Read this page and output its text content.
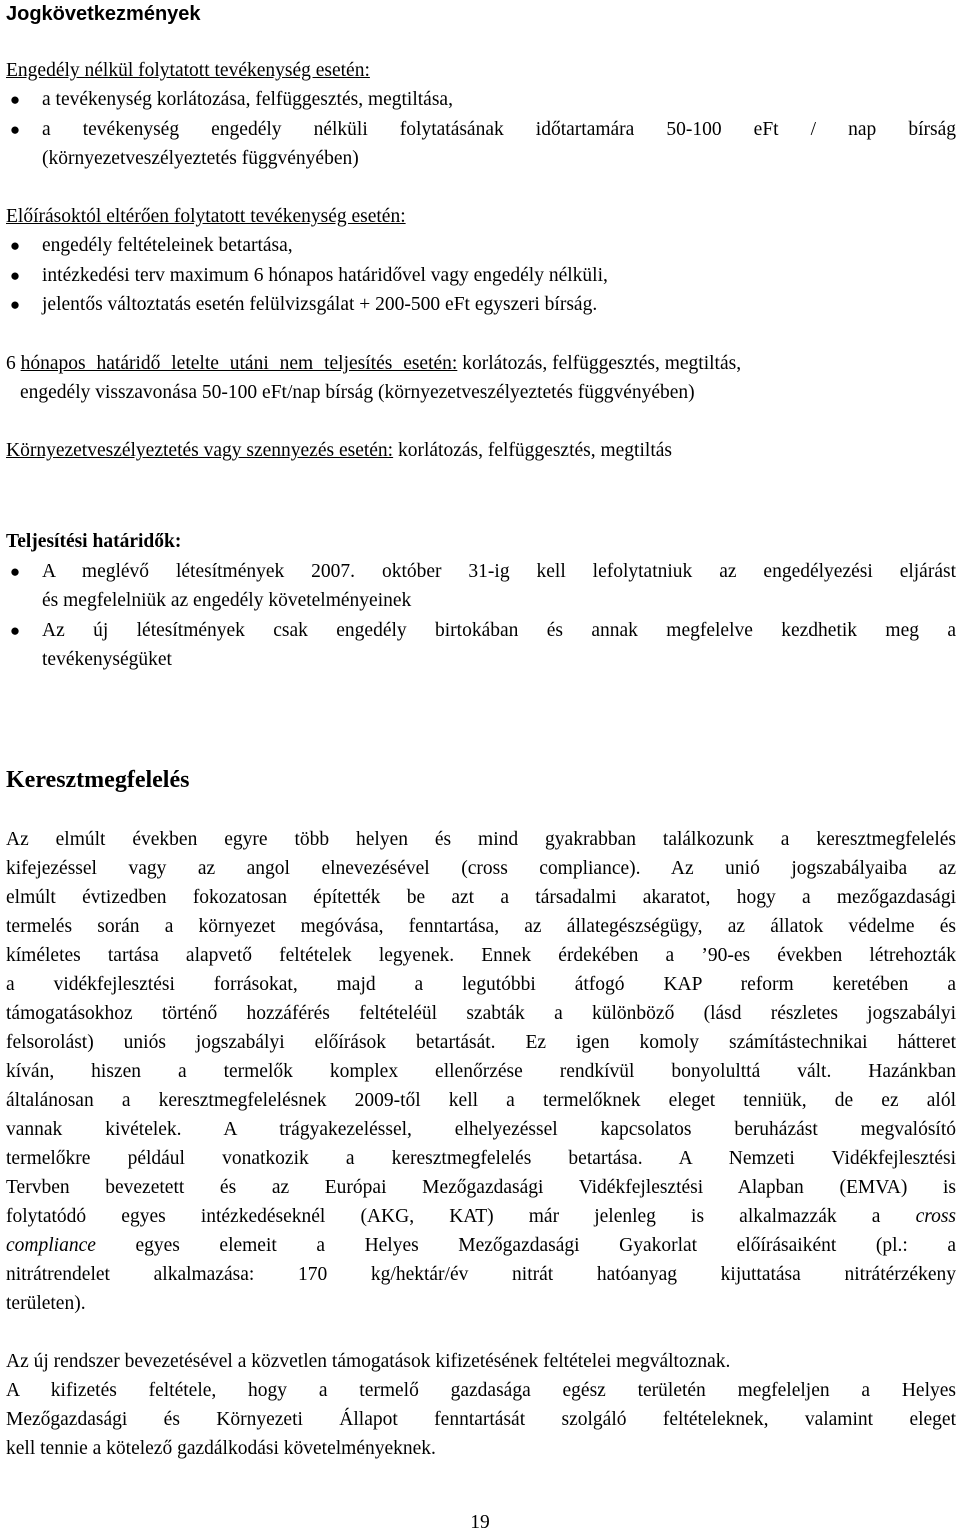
Jogkövetkezmények
Engedély nélkül folytatott tevékenység esetén:
● a tevékenység korlátozása, felfüggesztés, megtiltása,
● a tevékenység engedély nélküli folytatásának időtartamára 50-100 eFt / nap bírság
(környezetveszélyeztetés függvényében)
Előírásoktól eltérően folytatott tevékenység esetén:
● engedély feltételeinek betartása,
● intézkedési terv maximum 6 hónapos határidővel vagy engedély nélküli,
● jelentős változtatás esetén felülvizsgálat + 200-500 eFt egyszeri bírság.
6 hónapos határidő letelte utáni nem teljesítés esetén: korlátozás, felfüggesztés, megtiltás,
engedély visszavonása 50-100 eFt/nap bírság (környezetveszélyeztetés függvényében)
Környezetveszélyeztetés vagy szennyezés esetén: korlátozás, felfüggesztés, megtiltás
Teljesítési határidők:
● A meglévő létesítmények 2007. október 31-ig kell lefolytatniuk az engedélyezési eljárást
és megfelelniük az engedély követelményeinek
● Az új létesítmények csak engedély birtokában és annak megfelelve kezdhetik meg a
tevékenységüket
Keresztmegfelelés
Az elmúlt években egyre több helyen és mind gyakrabban találkozunk a keresztmegfelelés
kifejezéssel vagy az angol elnevezésével (cross compliance). Az unió jogszabályaiba az
elmúlt évtizedben fokozatosan építették be azt a társadalmi akaratot, hogy a mezőgazdasági
termelés során a környezet megóvása, fenntartása, az állategészségügy, az állatok védelme és
kíméletes tartása alapvető feltételek legyenek. Ennek érdekében a ’90-es években létrehozták
a vidékfejlesztési forrásokat, majd a legutóbbi átfogó KAP reform keretében a
támogatásokhoz történő hozzáférés feltételéül szabták a különböző (lásd részletes jogszabályi
felsorolást) uniós jogszabályi előírások betartását. Ez igen komoly számítástechnikai hátteret
kíván, hiszen a termelők komplex ellenőrzése rendkívül bonyolulttá vált. Hazánkban
általánosan a keresztmegfelelésnek 2009-től kell a termelőknek eleget tenniük, de ez alól
vannak kivételek. A trágyakezeléssel, elhelyezéssel kapcsolatos beruházást megvalósító
termelőkre például vonatkozik a keresztmegfelelés betartása. A Nemzeti Vidékfejlesztési
Tervben bevezetett és az Európai Mezőgazdasági Vidékfejlesztési Alapban (EMVA) is
folytatódó egyes intézkedéseknél (AKG, KAT) már jelenleg is alkalmazzák a cross
compliance egyes elemeit a Helyes Mezőgazdasági Gyakorlat előírásaiként (pl.: a
nitrátrendelet alkalmazása: 170 kg/hektár/év nitrát hatóanyag kijuttatása nitrátérzékeny
területen).
Az új rendszer bevezetésével a közvetlen támogatások kifizetésének feltételei megváltoznak.
A kifizetés feltétele, hogy a termelő gazdasága egész területén megfeleljen a Helyes
Mezőgazdasági és Környezeti Állapot fenntartását szolgáló feltételeknek, valamint eleget
kell tennie a kötelező gazdálkodási követelményeknek.
19
